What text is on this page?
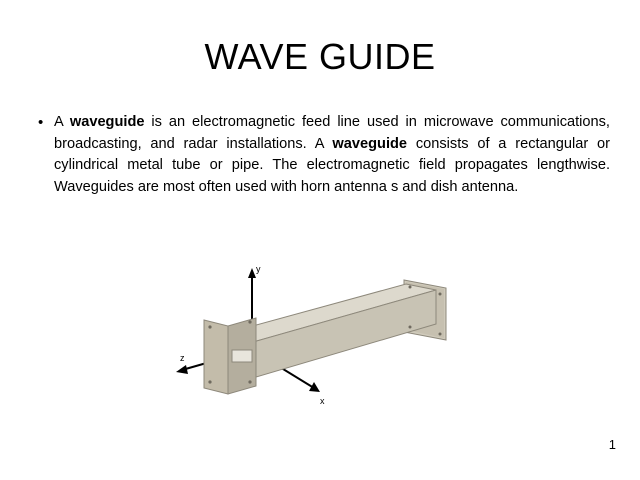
WAVE GUIDE
• A waveguide is an electromagnetic feed line used in microwave communications, broadcasting, and radar installations. A waveguide consists of a rectangular or cylindrical metal tube or pipe. The electromagnetic field propagates lengthwise. Waveguides are most often used with horn antenna s and dish antenna.
y
z
x
1
